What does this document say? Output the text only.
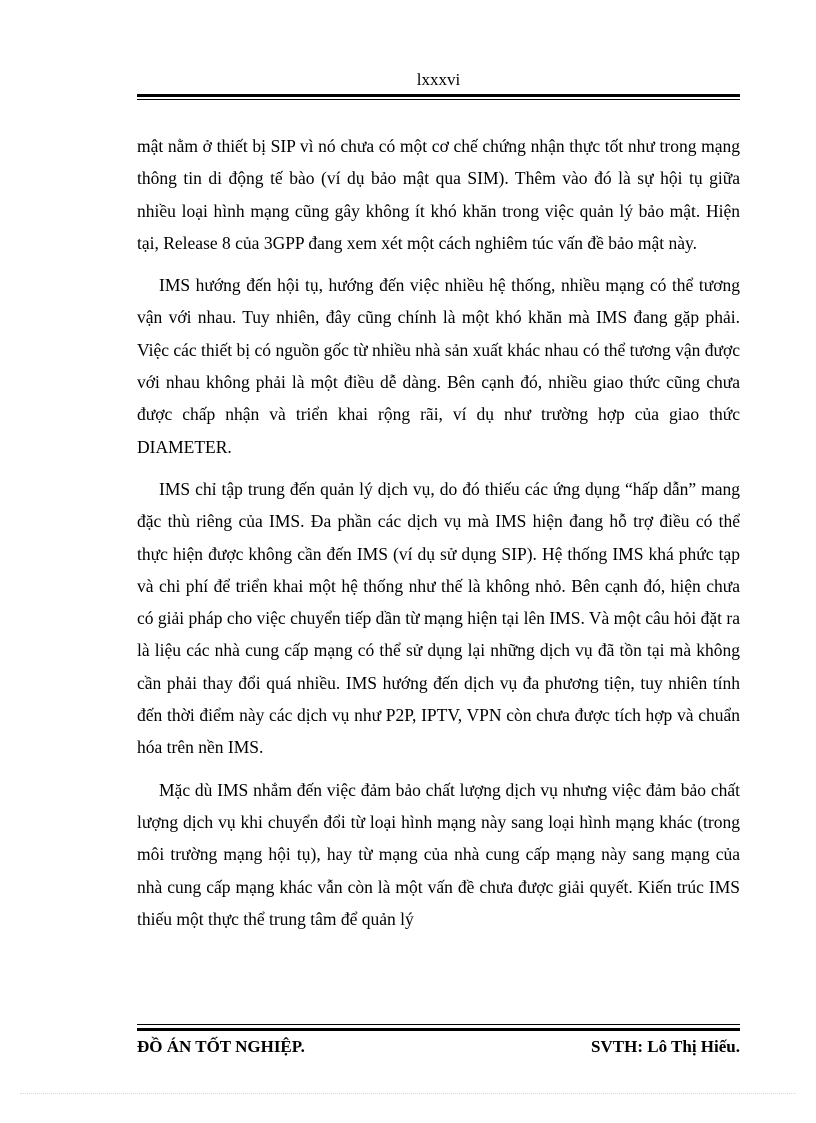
lxxxvi

mật nằm ở thiết bị SIP vì nó chưa có một cơ chế chứng nhận thực tốt như trong mạng thông tin di động tế bào (ví dụ bảo mật qua SIM). Thêm vào đó là sự hội tụ giữa nhiều loại hình mạng cũng gây không ít khó khăn trong việc quản lý bảo mật. Hiện tại, Release 8 của 3GPP đang xem xét một cách nghiêm túc vấn đề bảo mật này.

IMS hướng đến hội tụ, hướng đến việc nhiều hệ thống, nhiều mạng có thể tương vận với nhau. Tuy nhiên, đây cũng chính là một khó khăn mà IMS đang gặp phải. Việc các thiết bị có nguồn gốc từ nhiều nhà sản xuất khác nhau có thể tương vận được với nhau không phải là một điều dễ dàng. Bên cạnh đó, nhiều giao thức cũng chưa được chấp nhận và triển khai rộng rãi, ví dụ như trường hợp của giao thức DIAMETER.

IMS chỉ tập trung đến quản lý dịch vụ, do đó thiếu các ứng dụng “hấp dẫn” mang đặc thù riêng của IMS. Đa phần các dịch vụ mà IMS hiện đang hỗ trợ điều có thể thực hiện được không cần đến IMS (ví dụ sử dụng SIP). Hệ thống IMS khá phức tạp và chi phí để triển khai một hệ thống như thế là không nhỏ. Bên cạnh đó, hiện chưa có giải pháp cho việc chuyển tiếp dần từ mạng hiện tại lên IMS. Và một câu hỏi đặt ra là liệu các nhà cung cấp mạng có thể sử dụng lại những dịch vụ đã tồn tại mà không cần phải thay đổi quá nhiều. IMS hướng đến dịch vụ đa phương tiện, tuy nhiên tính đến thời điểm này các dịch vụ như P2P, IPTV, VPN còn chưa được tích hợp và chuẩn hóa trên nền IMS.

Mặc dù IMS nhắm đến việc đảm bảo chất lượng dịch vụ nhưng việc đảm bảo chất lượng dịch vụ khi chuyển đổi từ loại hình mạng này sang loại hình mạng khác (trong môi trường mạng hội tụ), hay từ mạng của nhà cung cấp mạng này sang mạng của nhà cung cấp mạng khác vẫn còn là một vấn đề chưa được giải quyết. Kiến trúc IMS thiếu một thực thể trung tâm để quản lý

ĐỒ ÁN TỐT NGHIỆP.	SVTH: Lô Thị Hiếu.
